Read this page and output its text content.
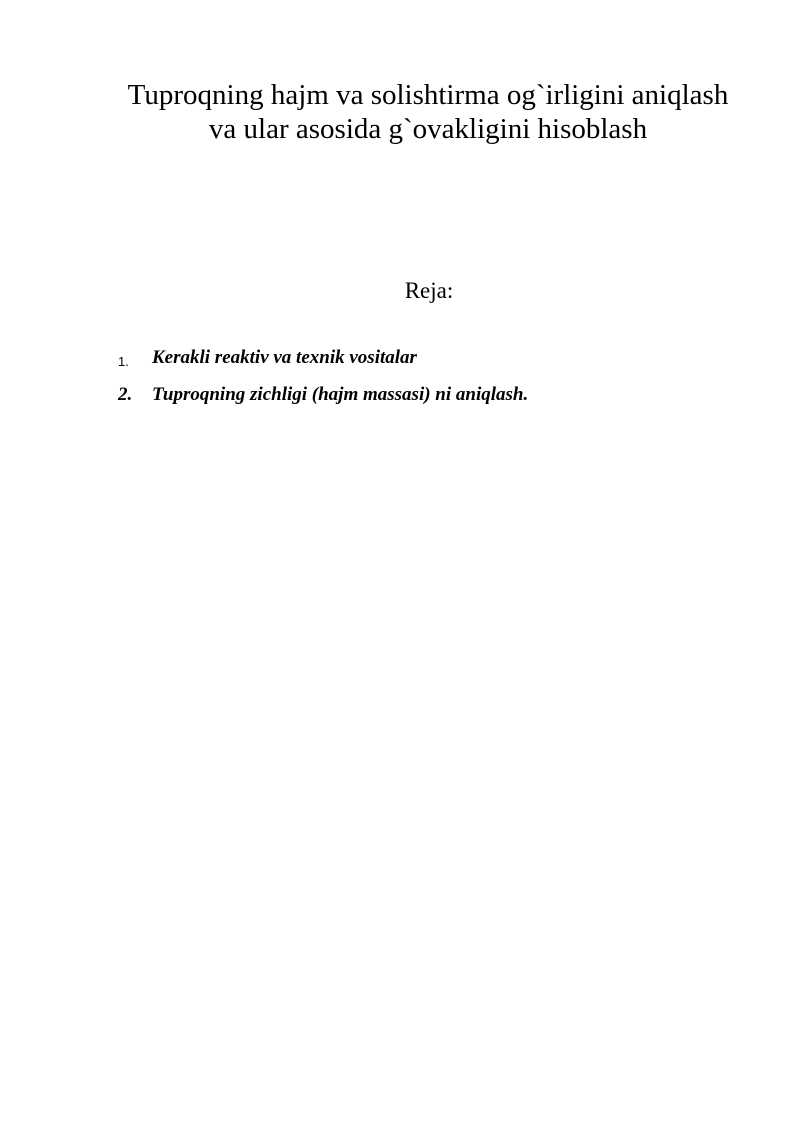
Tuproqning hajm va solishtirma og`irligini aniqlash
va ular asosida g`ovakligini hisoblash
Reja:
1. Kerakli reaktiv va texnik vositalar
2. Tuproqning zichligi (hajm massasi) ni aniqlash.
